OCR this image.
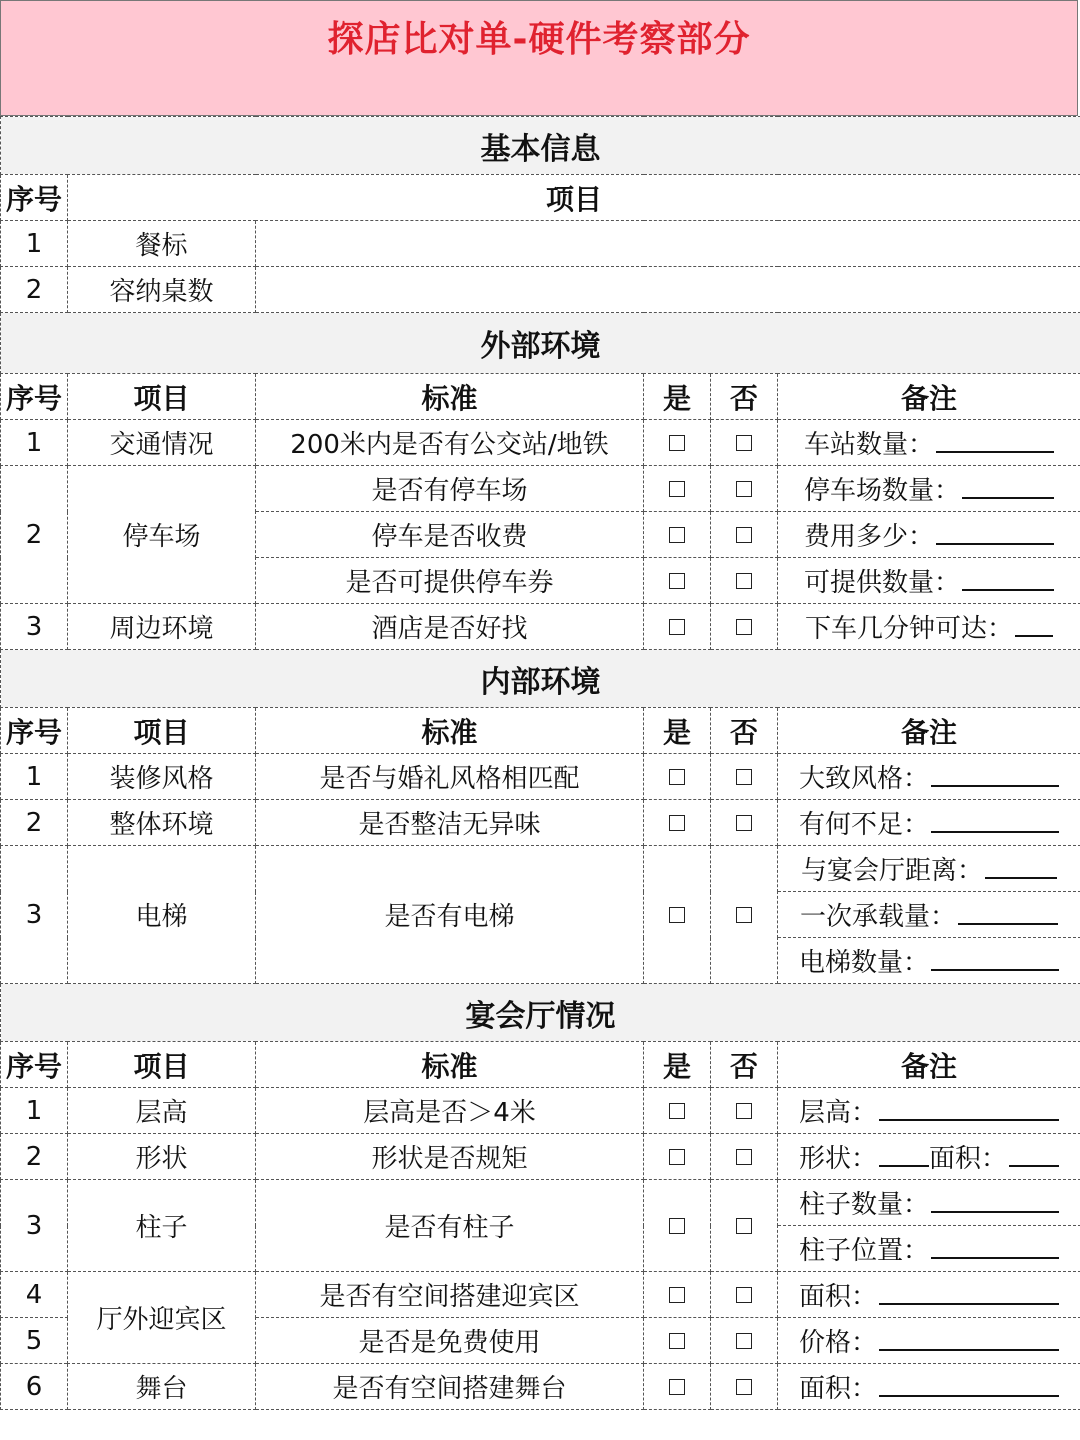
探店比对单-硬件考察部分
基本信息					
序号	项目				
1	餐标				
2	容纳桌数				
外部环境					
序号	项目	标准	是	否	备注
1	交通情况	200米内是否有公交站/地铁			车站数量：
2	停车场	是否有停车场			停车场数量：
		停车是否收费			费用多少：
		是否可提供停车券			可提供数量：
3	周边环境	酒店是否好找			下车几分钟可达：
内部环境					
序号	项目	标准	是	否	备注
1	装修风格	是否与婚礼风格相匹配			大致风格：
2	整体环境	是否整洁无异味			有何不足：
3	电梯	是否有电梯			与宴会厅距离：
					一次承载量：
					电梯数量：
宴会厅情况					
序号	项目	标准	是	否	备注
1	层高	层高是否＞4米			层高：
2	形状	形状是否规矩			形状： 面积：
3	柱子	是否有柱子			柱子数量：
					柱子位置：
4	厅外迎宾区	是否有空间搭建迎宾区			面积：
5		是否是免费使用			价格：
6	舞台	是否有空间搭建舞台			面积：
